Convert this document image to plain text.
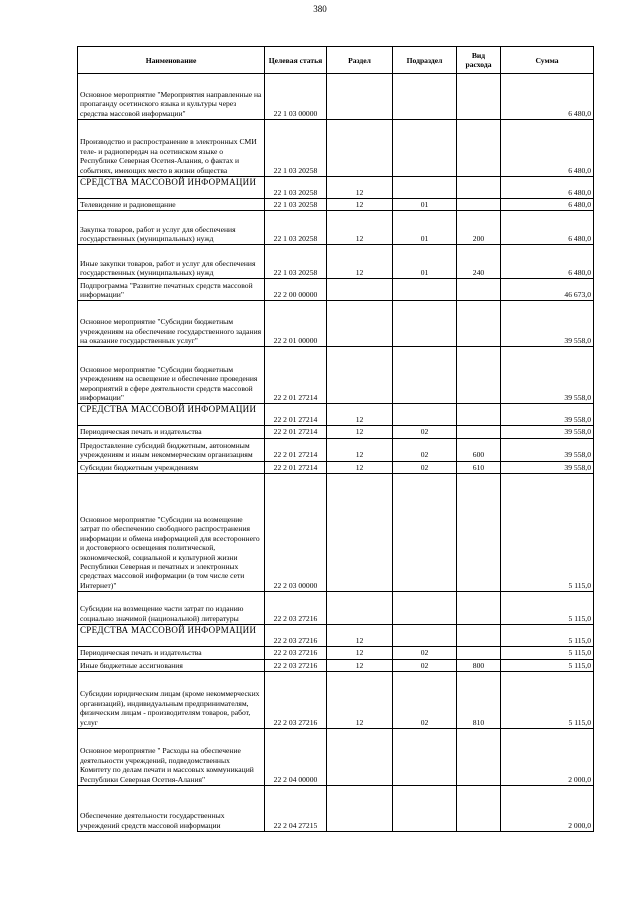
380
Наименование	Целевая статья	Раздел	Подраздел	Вид расхода	Сумма
Основное мероприятие "Мероприятия направленные на пропаганду осетинского языка и культуры через средства массовой информации"	22 1 03 00000				6 480,0
Производство и распространение в электронных СМИ теле- и радиопередач на осетинском языке о Республике Северная Осетия-Алания, о фактах и событиях, имеющих место в жизни общества	22 1 03 20258				6 480,0
СРЕДСТВА МАССОВОЙ ИНФОРМАЦИИ	22 1 03 20258	12			6 480,0
Телевидение и радиовещание	22 1 03 20258	12	01		6 480,0
Закупка товаров, работ и услуг для обеспечения государственных (муниципальных) нужд	22 1 03 20258	12	01	200	6 480,0
Иные закупки товаров, работ и услуг для обеспечения государственных (муниципальных) нужд	22 1 03 20258	12	01	240	6 480,0
Подпрограмма "Развитие печатных средств массовой информации"	22 2 00 00000				46 673,0
Основное мероприятие "Субсидии бюджетным учреждениям на обеспечение государственного задания на оказание государственных услуг"	22 2 01 00000				39 558,0
Основное мероприятие "Субсидии бюджетным учреждениям на освещение и обеспечение проведения мероприятий в сфере деятельности средств массовой информации"	22 2 01 27214				39 558,0
СРЕДСТВА МАССОВОЙ ИНФОРМАЦИИ	22 2 01 27214	12			39 558,0
Периодическая печать и издательства	22 2 01 27214	12	02		39 558,0
Предоставление субсидий бюджетным, автономным учреждениям и иным некоммерческим организациям	22 2 01 27214	12	02	600	39 558,0
Субсидии бюджетным учреждениям	22 2 01 27214	12	02	610	39 558,0
Основное мероприятие "Субсидии на возмещение затрат по обеспечению свободного распространения информации и обмена информацией для всестороннего и достоверного освещения политической, экономической, социальной и культурной жизни Республики Северная и печатных и электронных средствах массовой информации (в том числе сети Интернет)"	22 2 03 00000				5 115,0
Субсидии на возмещение части затрат по изданию социально значимой (национальной) литературы	22 2 03 27216				5 115,0
СРЕДСТВА МАССОВОЙ ИНФОРМАЦИИ	22 2 03 27216	12			5 115,0
Периодическая печать и издательства	22 2 03 27216	12	02		5 115,0
Иные бюджетные ассигнования	22 2 03 27216	12	02	800	5 115,0
Субсидии юридическим лицам (кроме некоммерческих организаций), индивидуальным предпринимателям, физическим лицам - производителям товаров, работ, услуг	22 2 03 27216	12	02	810	5 115,0
Основное мероприятие " Расходы на обеспечение деятельности учреждений, подведомственных Комитету по делам печати и массовых коммуникаций Республики Северная Осетия-Алания"	22 2 04 00000				2 000,0
Обеспечение деятельности государственных учреждений средств массовой информации	22 2 04 27215				2 000,0
